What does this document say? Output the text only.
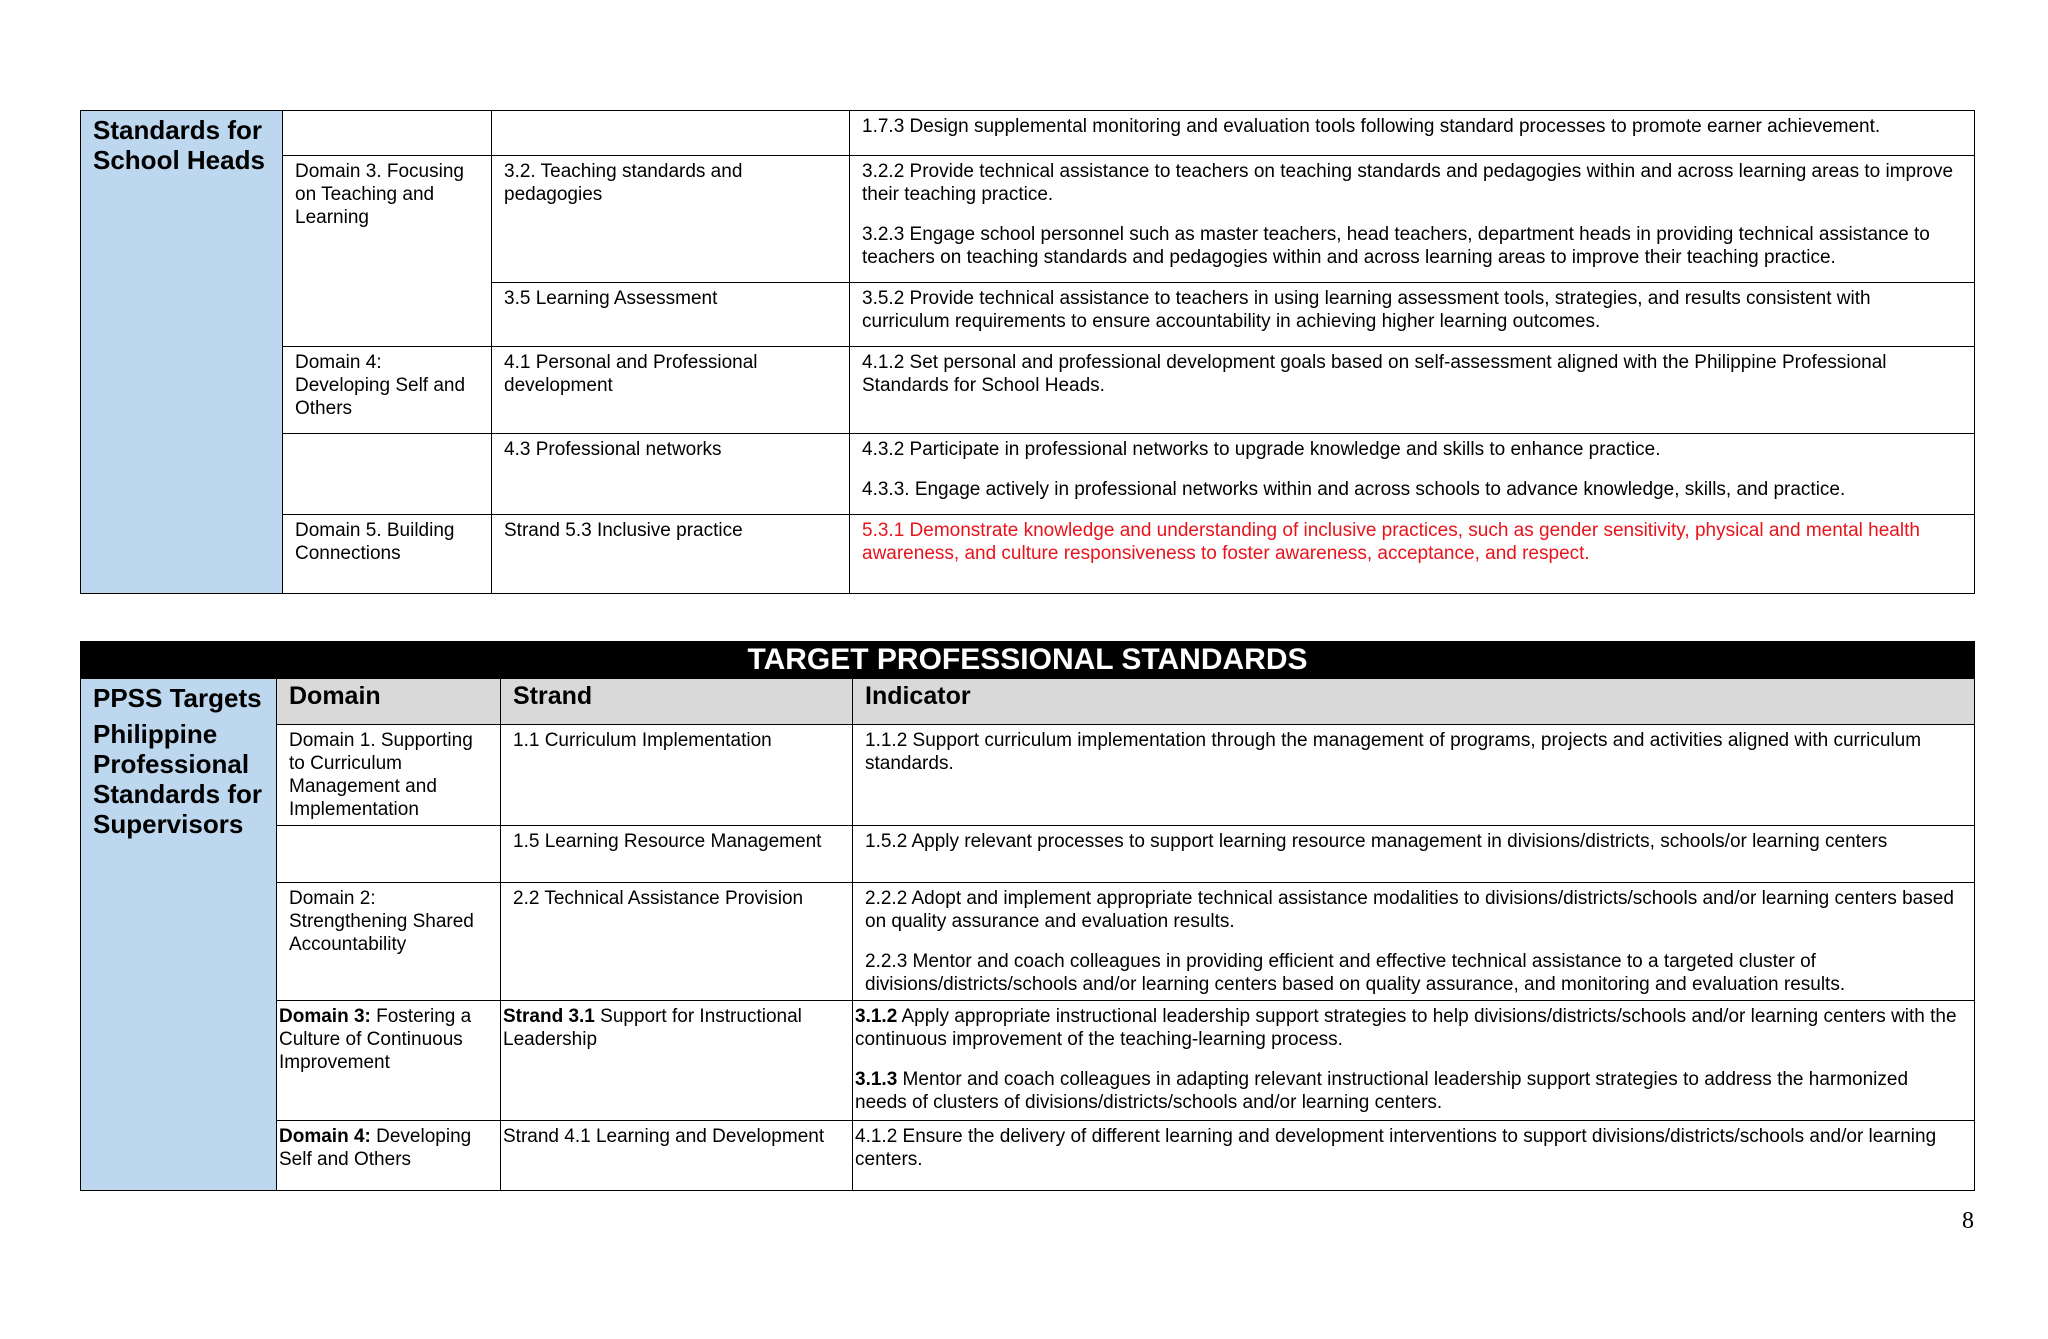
Standards for School Heads			1.7.3 Design supplemental monitoring and evaluation tools following standard processes to promote earner achievement.

	Domain 3. Focusing on Teaching and Learning	3.2. Teaching standards and pedagogies	3.2.2 Provide technical assistance to teachers on teaching standards and pedagogies within and across learning areas to improve their teaching practice.

3.2.3 Engage school personnel such as master teachers, head teachers, department heads in providing technical assistance to teachers on teaching standards and pedagogies within and across learning areas to improve their teaching practice.

		3.5 Learning Assessment	3.5.2 Provide technical assistance to teachers in using learning assessment tools, strategies, and results consistent with curriculum requirements to ensure accountability in achieving higher learning outcomes.

	Domain 4: Developing Self and Others	4.1 Personal and Professional development	4.1.2 Set personal and professional development goals based on self-assessment aligned with the Philippine Professional Standards for School Heads.

		4.3 Professional networks	4.3.2 Participate in professional networks to upgrade knowledge and skills to enhance practice.

4.3.3. Engage actively in professional networks within and across schools to advance knowledge, skills, and practice.

	Domain 5. Building Connections	Strand 5.3 Inclusive practice	5.3.1 Demonstrate knowledge and understanding of inclusive practices, such as gender sensitivity, physical and mental health awareness, and culture responsiveness to foster awareness, acceptance, and respect.

TARGET PROFESSIONAL STANDARDS			

PPSS Targets
Philippine Professional Standards for Supervisors	Domain	Strand	Indicator
	Domain 1. Supporting to Curriculum Management and Implementation	1.1 Curriculum Implementation	1.1.2 Support curriculum implementation through the management of programs, projects and activities aligned with curriculum standards.

		1.5 Learning Resource Management	1.5.2 Apply relevant processes to support learning resource management in divisions/districts, schools/or learning centers

	Domain 2: Strengthening Shared Accountability	2.2 Technical Assistance Provision	2.2.2 Adopt and implement appropriate technical assistance modalities to divisions/districts/schools and/or learning centers based on quality assurance and evaluation results.

2.2.3 Mentor and coach colleagues in providing efficient and effective technical assistance to a targeted cluster of divisions/districts/schools and/or learning centers based on quality assurance, and monitoring and evaluation results.

	Domain 3: Fostering a Culture of Continuous Improvement	Strand 3.1 Support for Instructional Leadership	3.1.2 Apply appropriate instructional leadership support strategies to help divisions/districts/schools and/or learning centers with the continuous improvement of the teaching-learning process.

3.1.3 Mentor and coach colleagues in adapting relevant instructional leadership support strategies to address the harmonized needs of clusters of divisions/districts/schools and/or learning centers.

	Domain 4: Developing Self and Others	Strand 4.1 Learning and Development	4.1.2 Ensure the delivery of different learning and development interventions to support divisions/districts/schools and/or learning centers.

8
